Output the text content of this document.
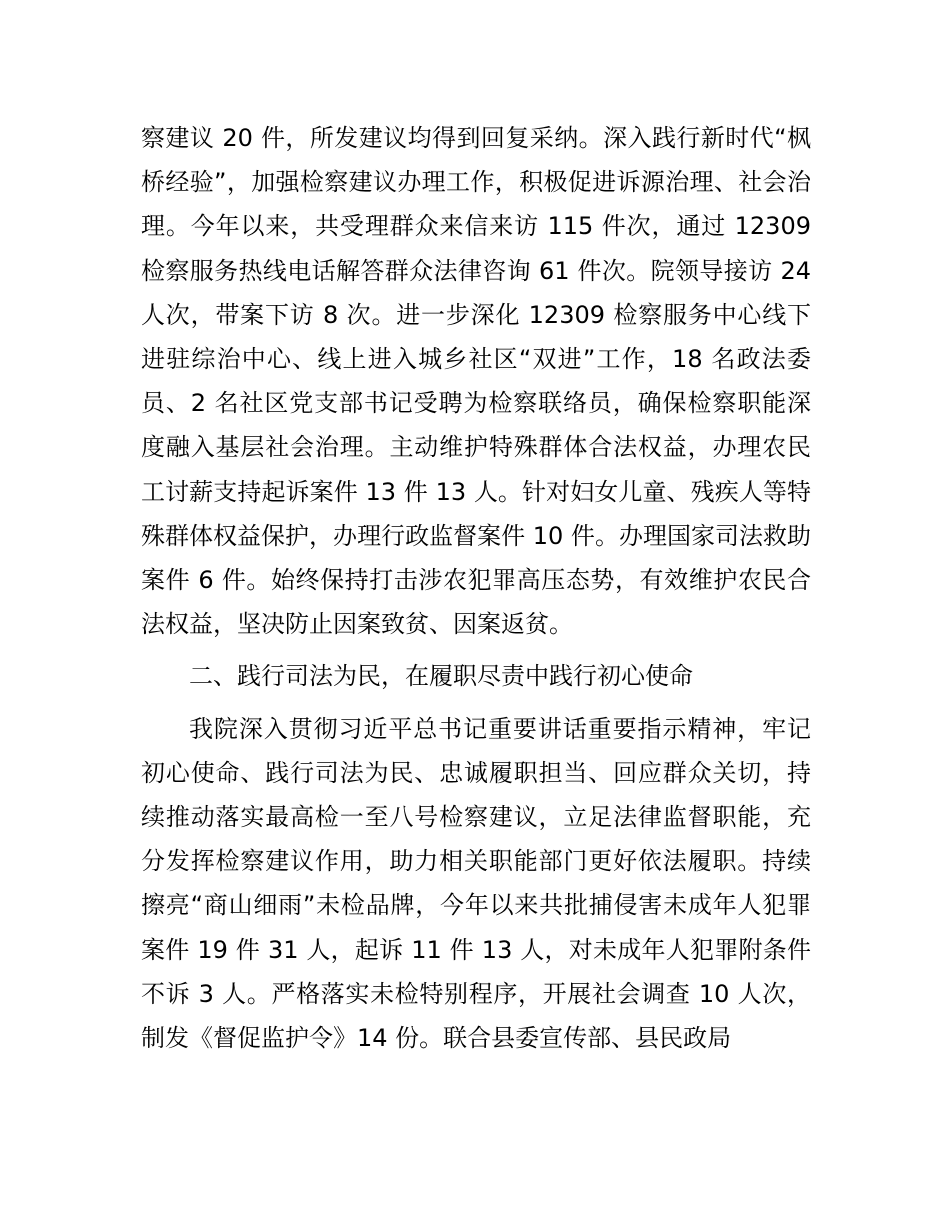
察建议 20 件，所发建议均得到回复采纳。深入践行新时代“枫桥经验”，加强检察建议办理工作，积极促进诉源治理、社会治理。今年以来，共受理群众来信来访 115 件次，通过 12309 检察服务热线电话解答群众法律咨询 61 件次。院领导接访 24 人次，带案下访 8 次。进一步深化 12309 检察服务中心线下进驻综治中心、线上进入城乡社区“双进”工作，18 名政法委员、2 名社区党支部书记受聘为检察联络员，确保检察职能深度融入基层社会治理。主动维护特殊群体合法权益，办理农民工讨薪支持起诉案件 13 件 13 人。针对妇女儿童、残疾人等特殊群体权益保护，办理行政监督案件 10 件。办理国家司法救助案件 6 件。始终保持打击涉农犯罪高压态势，有效维护农民合法权益，坚决防止因案致贫、因案返贫。

二、践行司法为民，在履职尽责中践行初心使命

我院深入贯彻习近平总书记重要讲话重要指示精神，牢记初心使命、践行司法为民、忠诚履职担当、回应群众关切，持续推动落实最高检一至八号检察建议，立足法律监督职能，充分发挥检察建议作用，助力相关职能部门更好依法履职。持续擦亮“商山细雨”未检品牌，今年以来共批捕侵害未成年人犯罪案件 19 件 31 人，起诉 11 件 13 人，对未成年人犯罪附条件不诉 3 人。严格落实未检特别程序，开展社会调查 10 人次，制发《督促监护令》14 份。联合县委宣传部、县民政局
